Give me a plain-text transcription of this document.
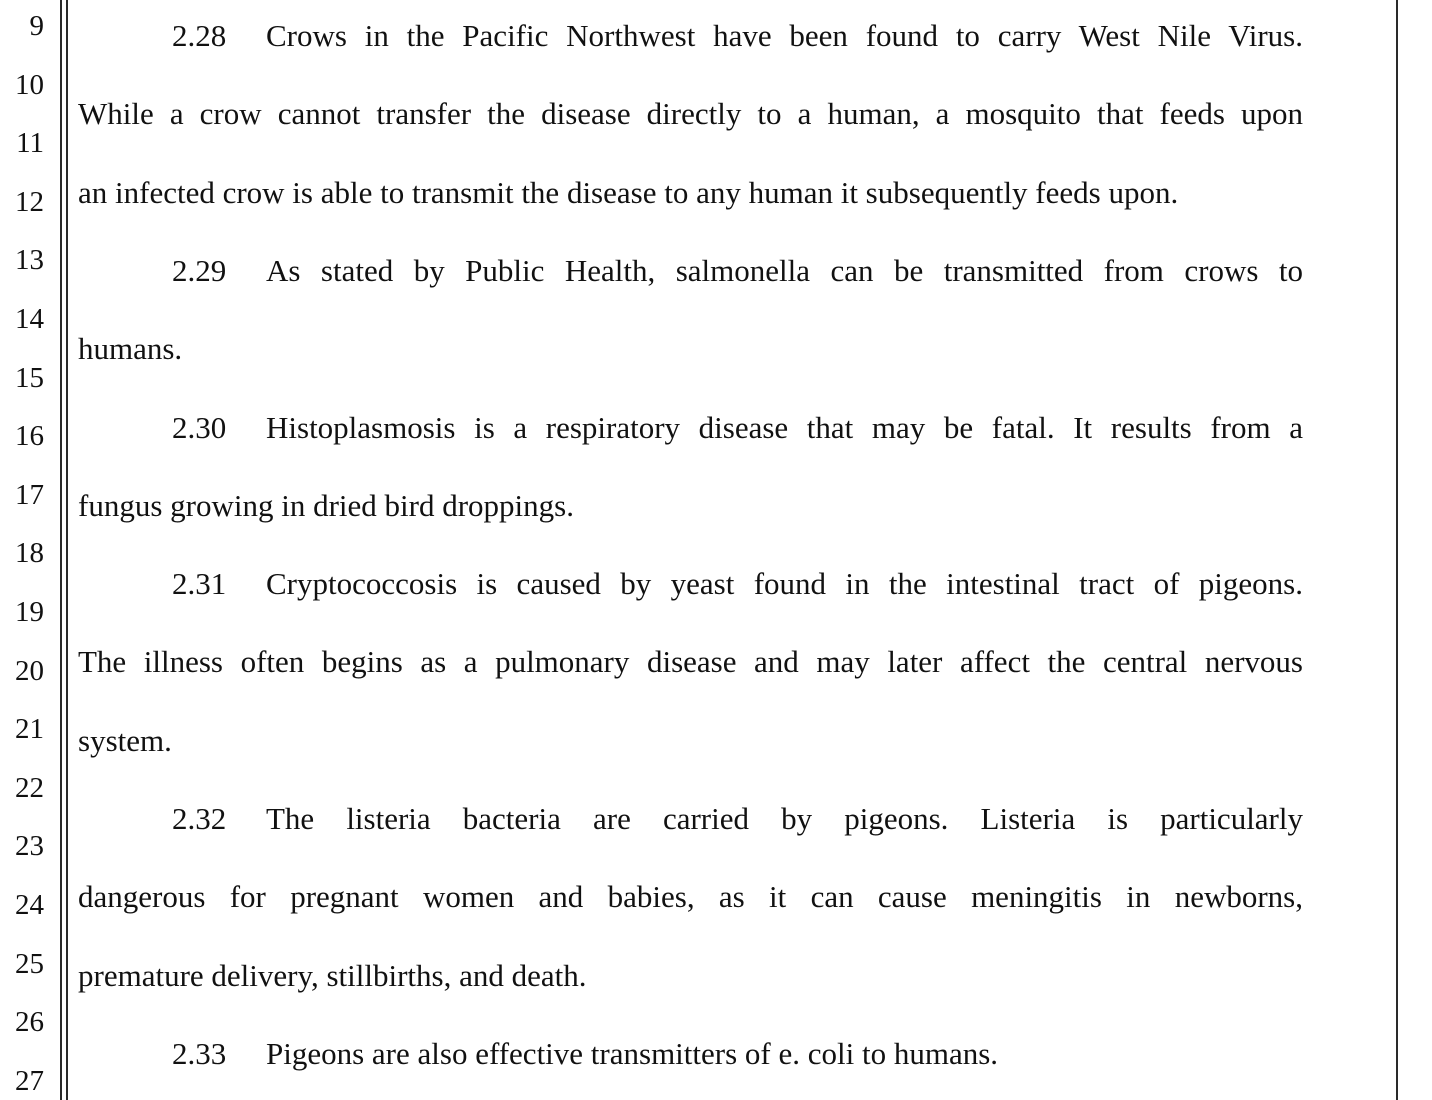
9
10
11
12
13
14
15
16
17
18
19
20
21
22
23
24
25
26
27
2.28 Crows in the Pacific Northwest have been found to carry West Nile Virus.
While a crow cannot transfer the disease directly to a human, a mosquito that feeds upon
an infected crow is able to transmit the disease to any human it subsequently feeds upon.
2.29 As stated by Public Health, salmonella can be transmitted from crows to
humans.
2.30 Histoplasmosis is a respiratory disease that may be fatal. It results from a
fungus growing in dried bird droppings.
2.31 Cryptococcosis is caused by yeast found in the intestinal tract of pigeons.
The illness often begins as a pulmonary disease and may later affect the central nervous
system.
2.32 The listeria bacteria are carried by pigeons. Listeria is particularly
dangerous for pregnant women and babies, as it can cause meningitis in newborns,
premature delivery, stillbirths, and death.
2.33 Pigeons are also effective transmitters of e. coli to humans.
